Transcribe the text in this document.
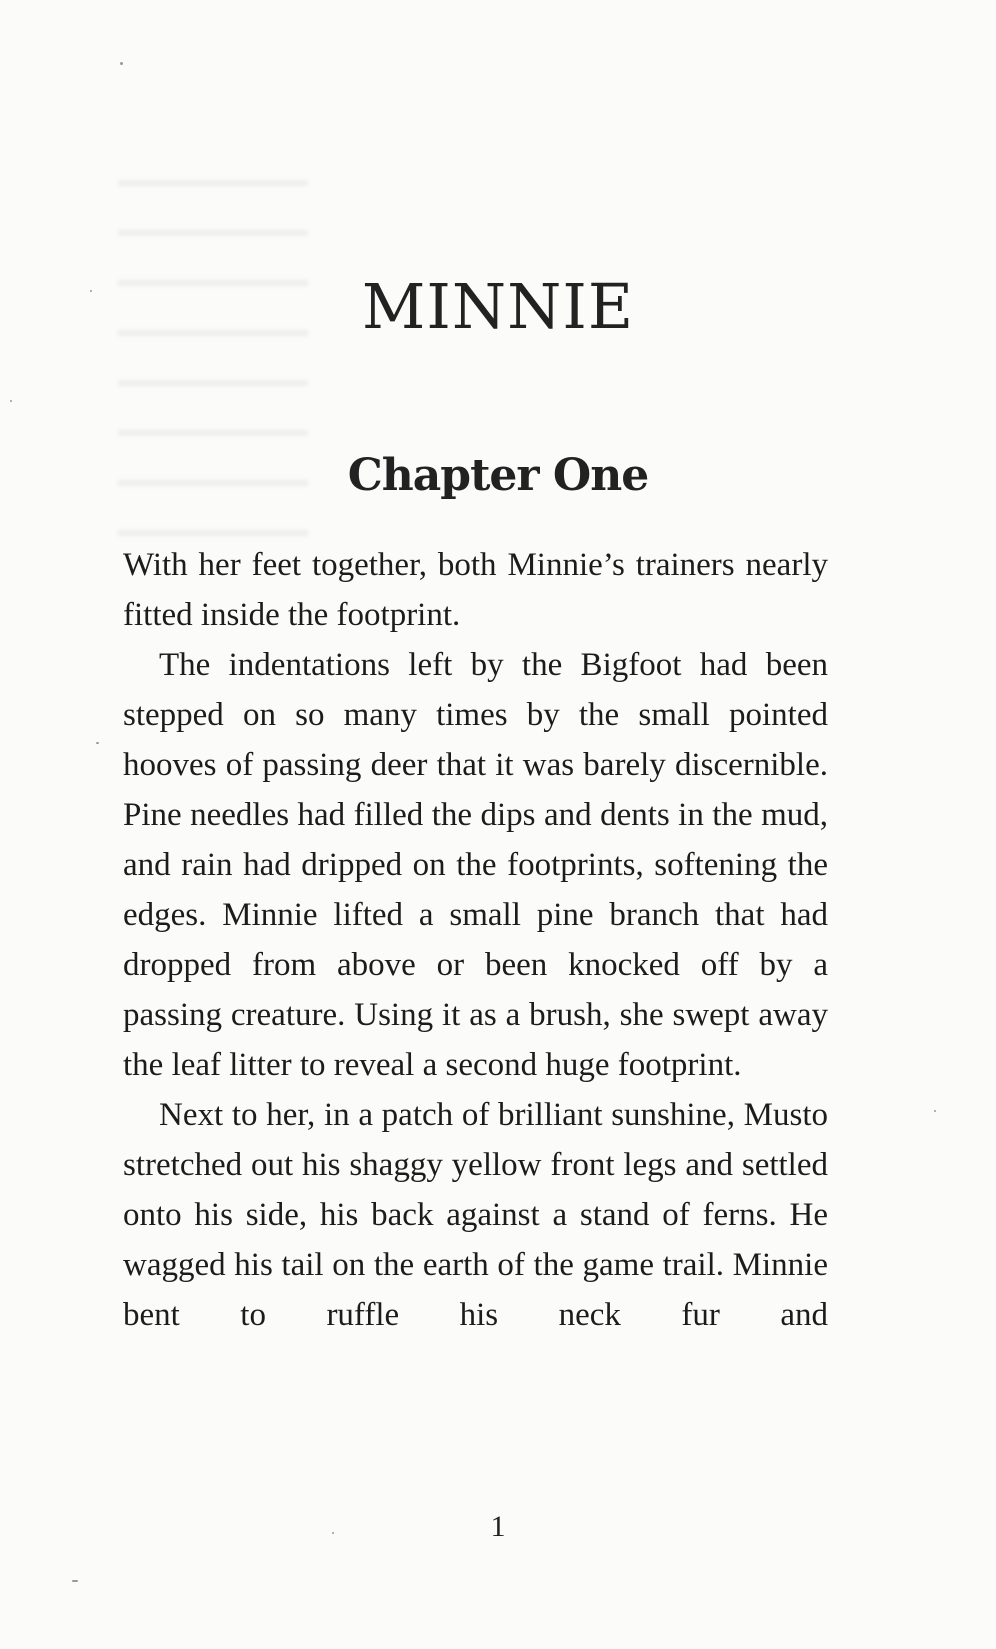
MINNIE
Chapter One

With her feet together, both Minnie’s trainers nearly fitted inside the footprint.

The indentations left by the Bigfoot had been stepped on so many times by the small pointed hooves of passing deer that it was barely discernible. Pine needles had filled the dips and dents in the mud, and rain had dripped on the footprints, softening the edges. Minnie lifted a small pine branch that had dropped from above or been knocked off by a passing creature. Using it as a brush, she swept away the leaf litter to reveal a second huge footprint.

Next to her, in a patch of brilliant sunshine, Musto stretched out his shaggy yellow front legs and settled onto his side, his back against a stand of ferns. He wagged his tail on the earth of the game trail. Minnie bent to ruffle his neck fur and

1
